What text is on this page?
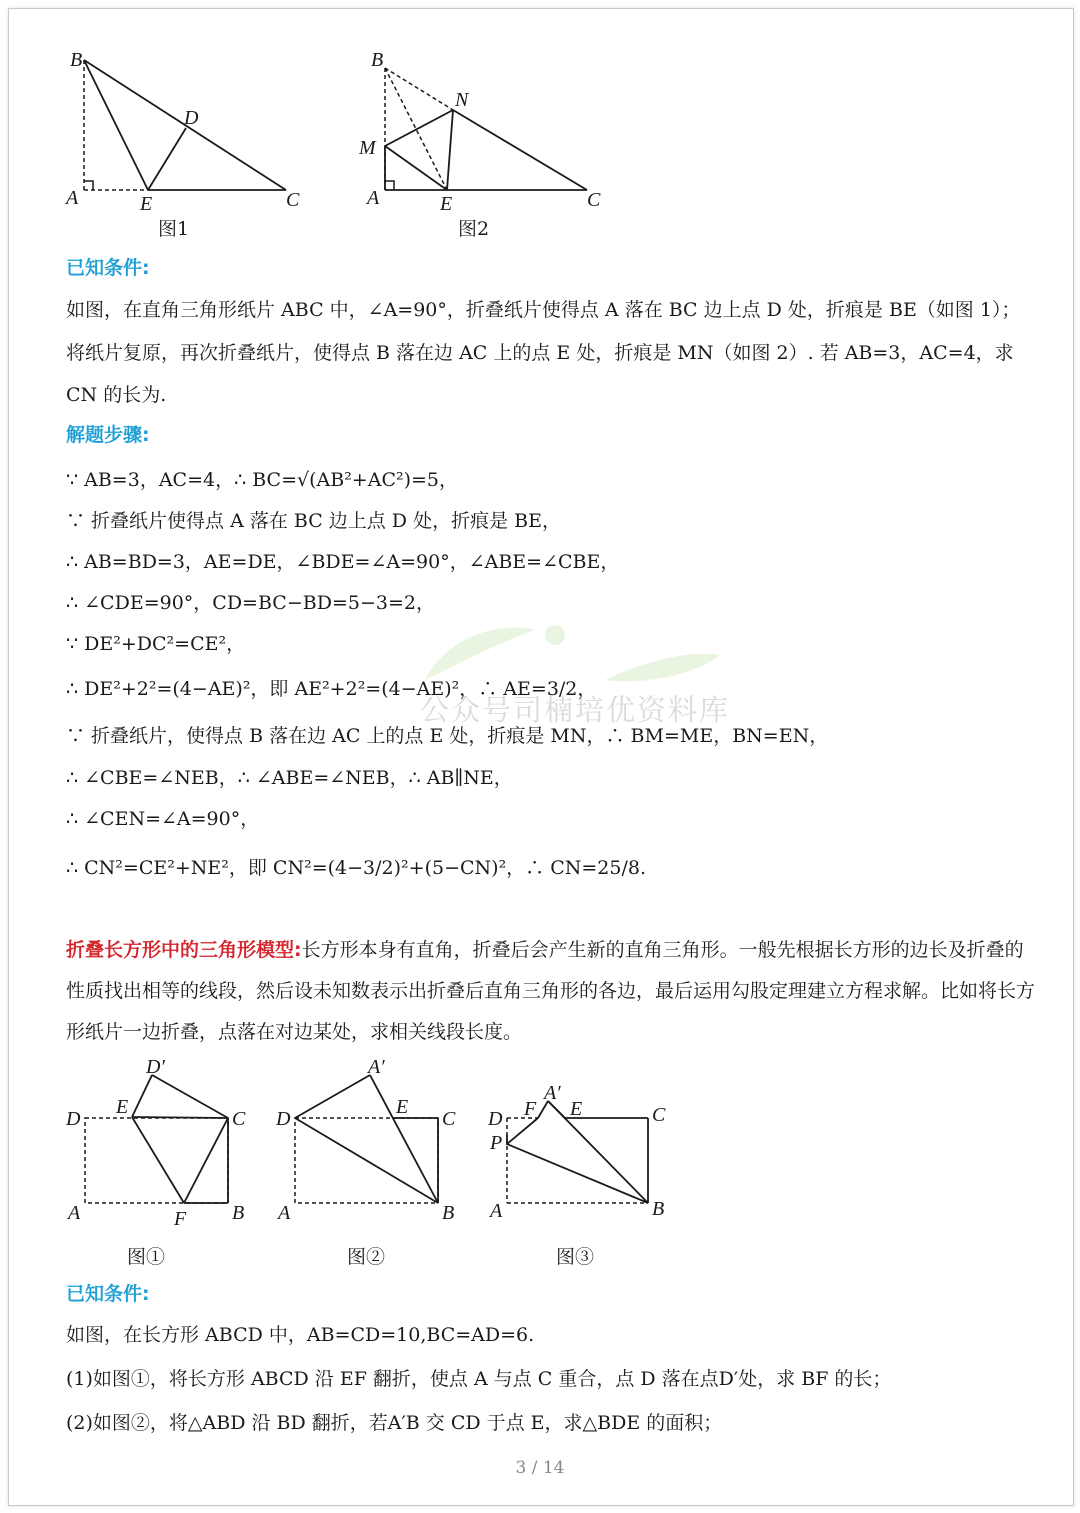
B
D
A	E	C
图1
B
N
M
A	E	C
图2
已知条件:
如图，在直角三角形纸片 ABC 中，∠A=90°，折叠纸片使得点 A 落在 BC 边上点 D 处，折痕是 BE（如图 1）；
将纸片复原，再次折叠纸片，使得点 B 落在边 AC 上的点 E 处，折痕是 MN（如图 2）. 若 AB=3，AC=4，求
CN 的长为.
解题步骤:
∵ AB=3，AC=4，∴ BC=√(AB²+AC²)=5，
∵ 折叠纸片使得点 A 落在 BC 边上点 D 处，折痕是 BE，
∴ AB=BD=3，AE=DE，∠BDE=∠A=90°，∠ABE=∠CBE，
∴ ∠CDE=90°，CD=BC−BD=5−3=2，
∵ DE²+DC²=CE²，
∴ DE²+2²=(4−AE)²，即 AE²+2²=(4−AE)²，∴ AE=3/2，
∵ 折叠纸片，使得点 B 落在边 AC 上的点 E 处，折痕是 MN，∴ BM=ME，BN=EN，
∴ ∠CBE=∠NEB，∴ ∠ABE=∠NEB，∴ AB∥NE，
∴ ∠CEN=∠A=90°，
∴ CN²=CE²+NE²，即 CN²=(4−3/2)²+(5−CN)²，∴ CN=25/8.
公众号司楠培优资料库
折叠长方形中的三角形模型:长方形本身有直角，折叠后会产生新的直角三角形。一般先根据长方形的边长及折叠的性质找出相等的线段，然后设未知数表示出折叠后直角三角形的各边，最后运用勾股定理建立方程求解。比如将长方形纸片一边折叠，点落在对边某处，求相关线段长度。
D′
E
D	C
A	F B
图①
A′
E
D	C
A	B
图②
A′
F E
D	C
P
A	B
图③
已知条件:
如图，在长方形 ABCD 中，AB=CD=10,BC=AD=6.
(1)如图①，将长方形 ABCD 沿 EF 翻折，使点 A 与点 C 重合，点 D 落在点D′处，求 BF 的长；
(2)如图②，将△ABD 沿 BD 翻折，若A′B 交 CD 于点 E，求△BDE 的面积；
3 / 14
